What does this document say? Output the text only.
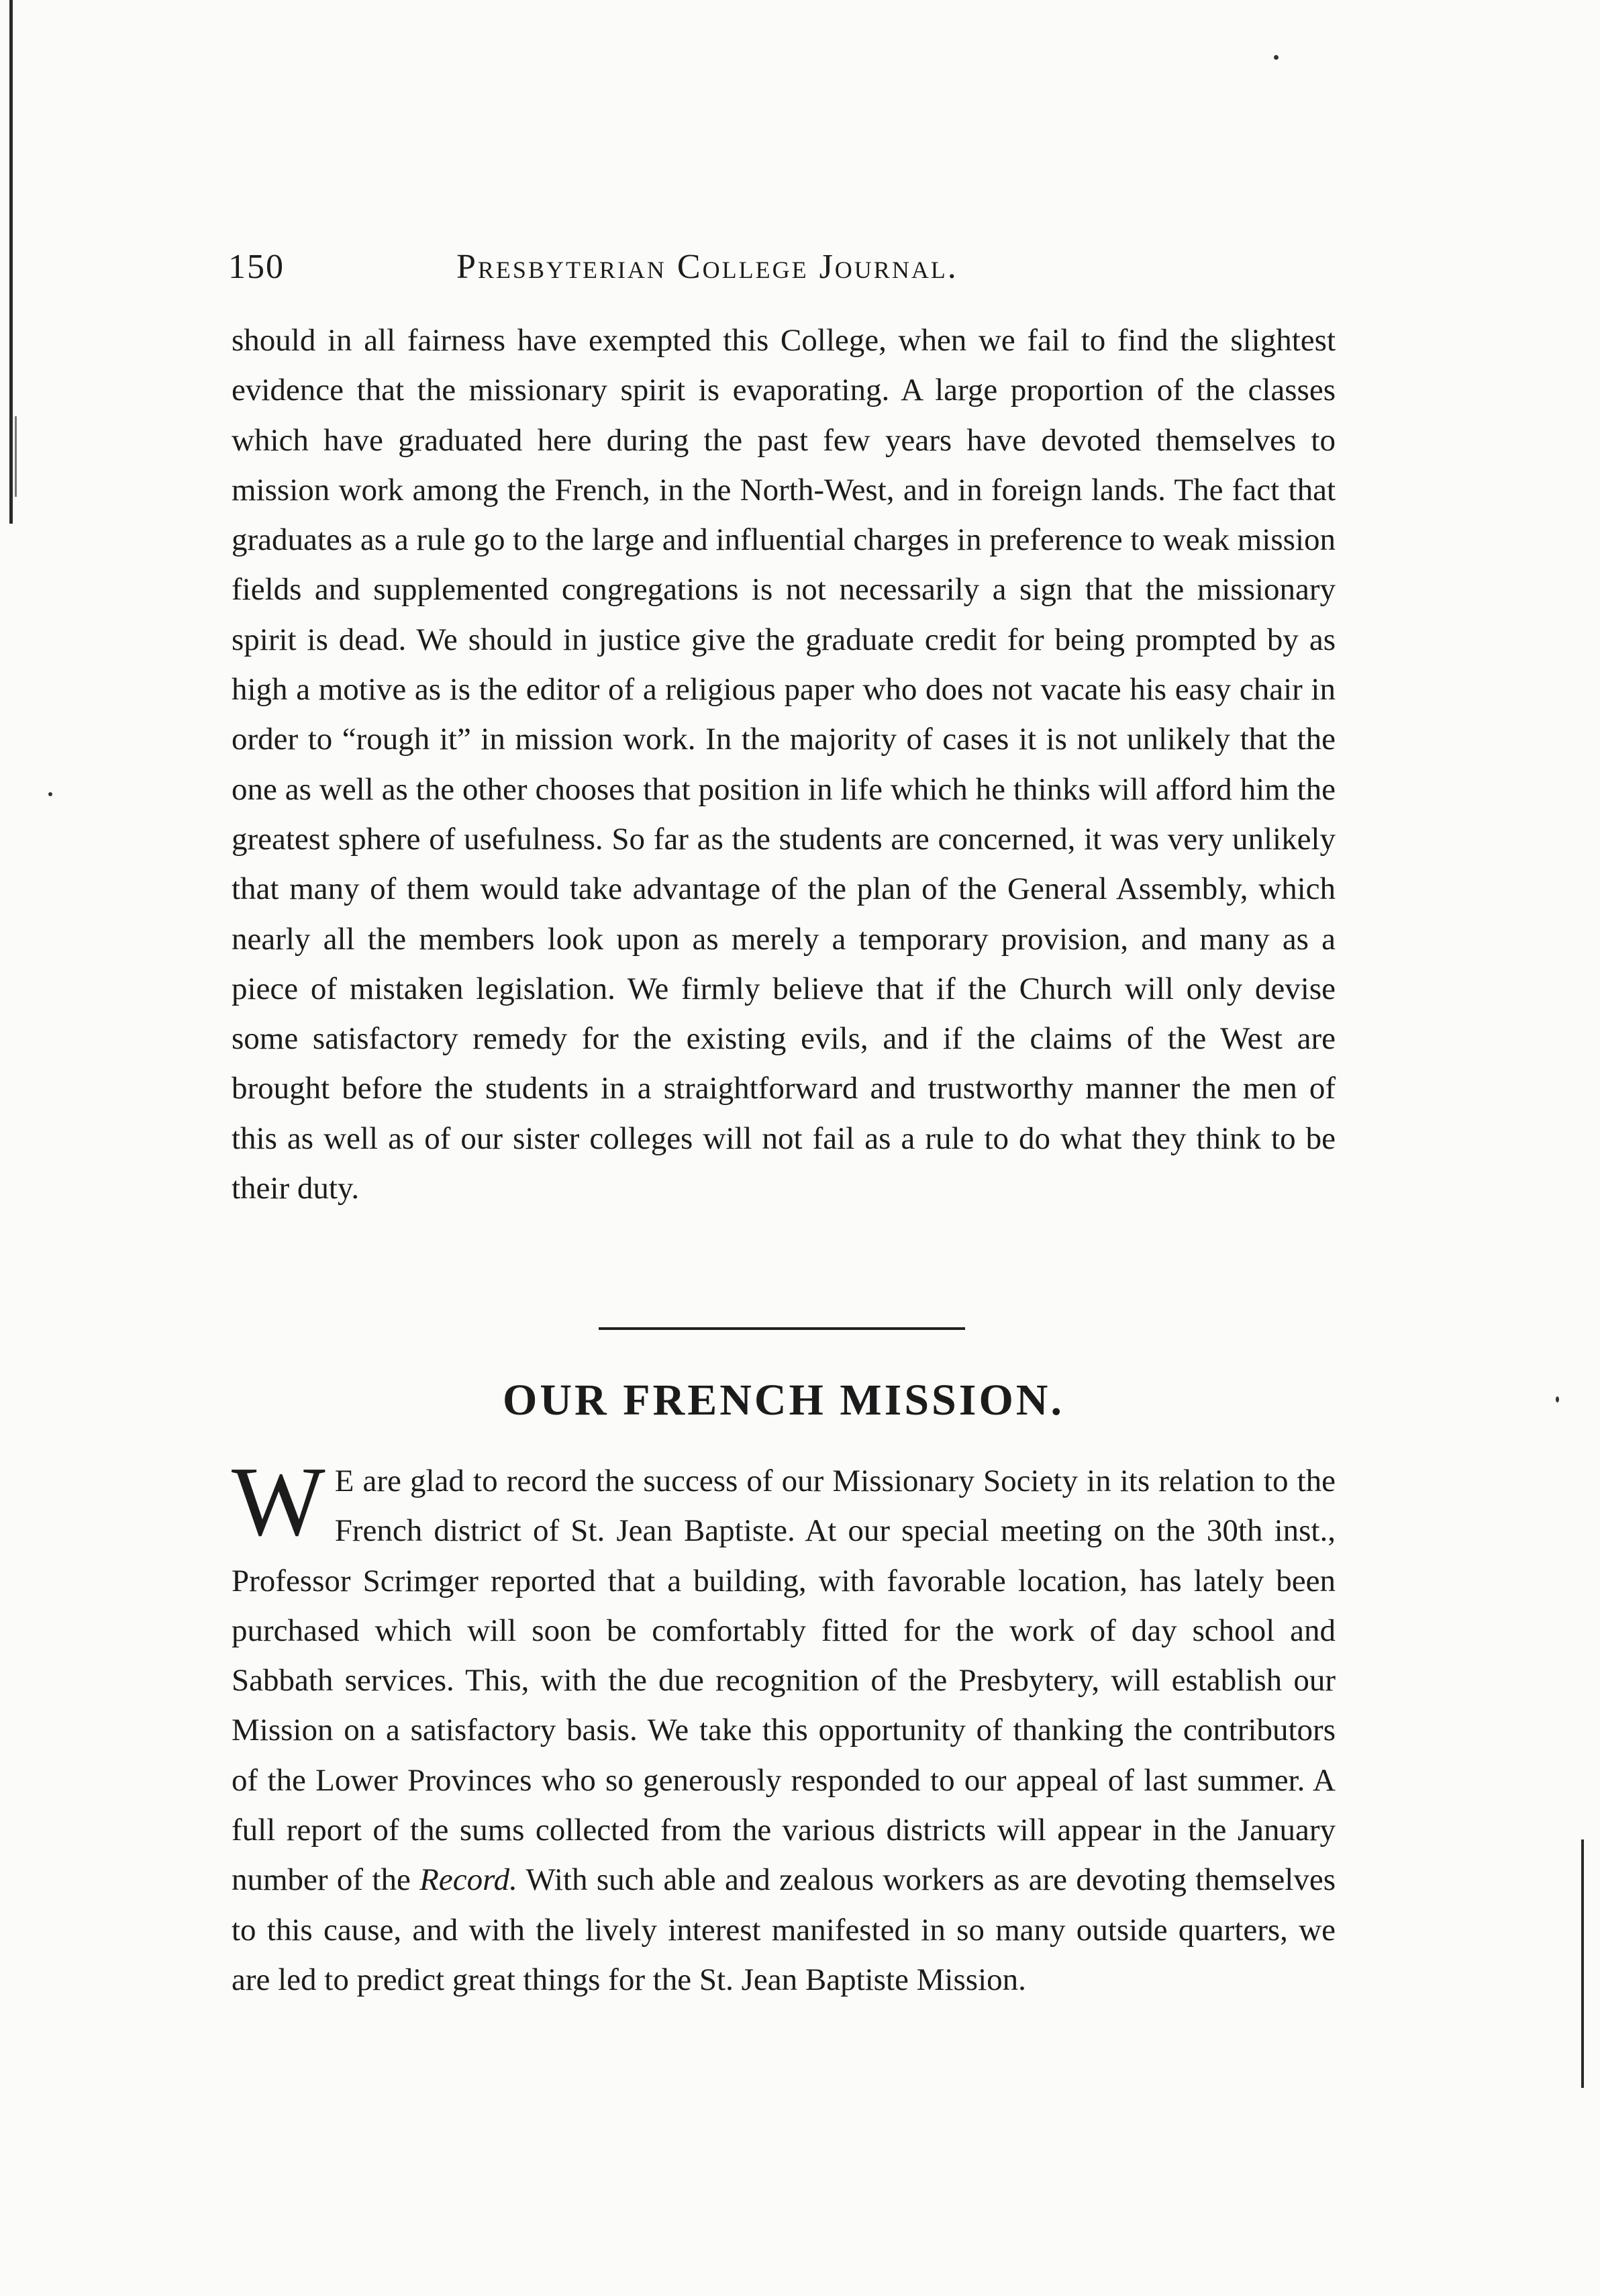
150	Presbyterian College Journal.

should in all fairness have exempted this College, when we fail to find the slightest evidence that the missionary spirit is evaporating. A large proportion of the classes which have graduated here during the past few years have devoted themselves to mission work among the French, in the North-West, and in foreign lands. The fact that graduates as a rule go to the large and influential charges in preference to weak mission fields and supplemented congregations is not necessarily a sign that the missionary spirit is dead. We should in justice give the graduate credit for being prompted by as high a motive as is the editor of a religious paper who does not vacate his easy chair in order to “rough it” in mission work. In the majority of cases it is not unlikely that the one as well as the other chooses that position in life which he thinks will afford him the greatest sphere of usefulness. So far as the students are concerned, it was very unlikely that many of them would take advantage of the plan of the General Assembly, which nearly all the members look upon as merely a temporary provision, and many as a piece of mistaken legislation. We firmly believe that if the Church will only devise some satisfactory remedy for the existing evils, and if the claims of the West are brought before the students in a straightforward and trustworthy manner the men of this as well as of our sister colleges will not fail as a rule to do what they think to be their duty.

OUR FRENCH MISSION.

W E are glad to record the success of our Missionary Society in its relation to the French district of St. Jean Baptiste. At our special meeting on the 30th inst., Professor Scrimger reported that a building, with favorable location, has lately been purchased which will soon be comfortably fitted for the work of day school and Sabbath services. This, with the due recognition of the Presbytery, will establish our Mission on a satisfactory basis. We take this opportunity of thanking the contributors of the Lower Provinces who so generously responded to our appeal of last summer. A full report of the sums collected from the various districts will appear in the January number of the Record. With such able and zealous workers as are devoting themselves to this cause, and with the lively interest manifested in so many outside quarters, we are led to predict great things for the St. Jean Baptiste Mission.
